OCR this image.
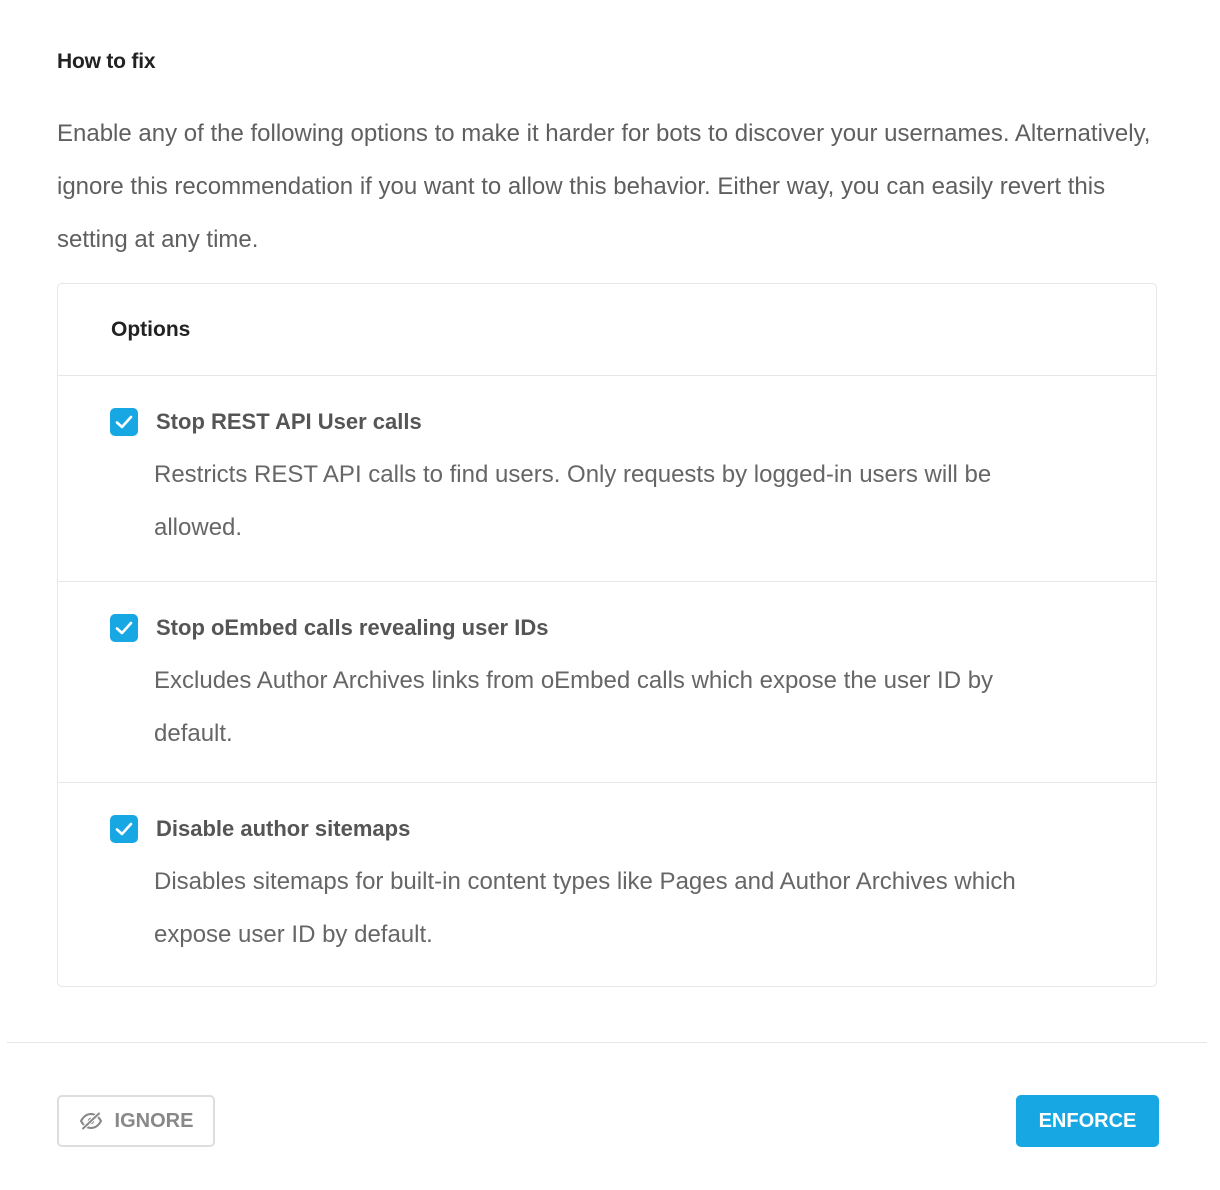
How to fix

Enable any of the following options to make it harder for bots to discover your usernames. Alternatively, ignore this recommendation if you want to allow this behavior. Either way, you can easily revert this setting at any time.

Options
Stop REST API User calls

Restricts REST API calls to find users. Only requests by logged-in users will be allowed.

Stop oEmbed calls revealing user IDs

Excludes Author Archives links from oEmbed calls which expose the user ID by default.

Disable author sitemaps

Disables sitemaps for built-in content types like Pages and Author Archives which expose user ID by default.

IGNORE	ENFORCE
